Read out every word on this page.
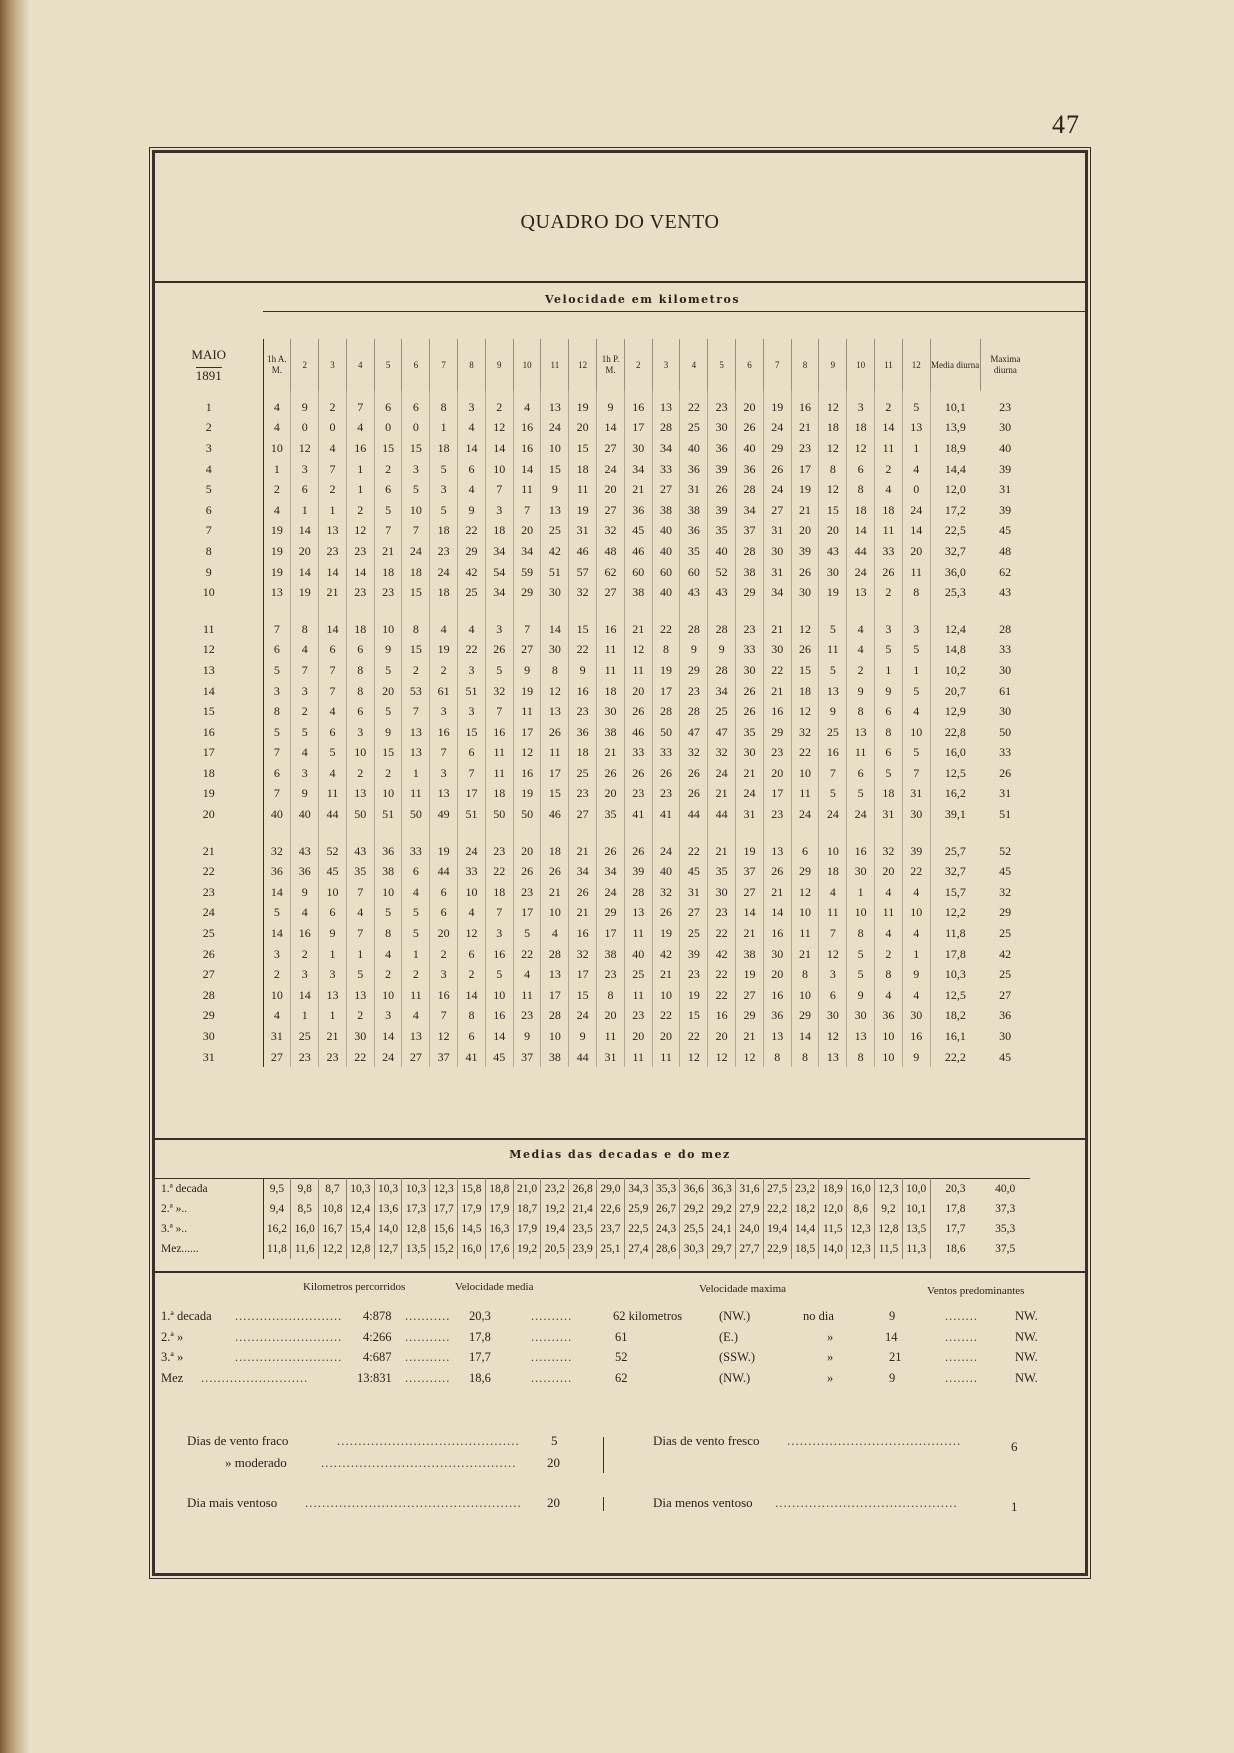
47
QUADRO DO VENTO
Velocidade em kilometros
MAIO
1891	1h A. M.	2	3	4	5	6	7	8	9	10	11	12	1h P. M.	2	3	4	5	6	7	8	9	10	11	12	Media diurna	Maxima diurna
1	4	9	2	7	6	6	8	3	2	4	13	19	9	16	13	22	23	20	19	16	12	3	2	5	10,1	23
2	4	0	0	4	0	0	1	4	12	16	24	20	14	17	28	25	30	26	24	21	18	18	14	13	13,9	30
3	10	12	4	16	15	15	18	14	14	16	10	15	27	30	34	40	36	40	29	23	12	12	11	1	18,9	40
4	1	3	7	1	2	3	5	6	10	14	15	18	24	34	33	36	39	36	26	17	8	6	2	4	14,4	39
5	2	6	2	1	6	5	3	4	7	11	9	11	20	21	27	31	26	28	24	19	12	8	4	0	12,0	31
6	4	1	1	2	5	10	5	9	3	7	13	19	27	36	38	38	39	34	27	21	15	18	18	24	17,2	39
7	19	14	13	12	7	7	18	22	18	20	25	31	32	45	40	36	35	37	31	20	20	14	11	14	22,5	45
8	19	20	23	23	21	24	23	29	34	34	42	46	48	46	40	35	40	28	30	39	43	44	33	20	32,7	48
9	19	14	14	14	18	18	24	42	54	59	51	57	62	60	60	60	52	38	31	26	30	24	26	11	36,0	62
10	13	19	21	23	23	15	18	25	34	29	30	32	27	38	40	43	43	29	34	30	19	13	2	8	25,3	43

11	7	8	14	18	10	8	4	4	3	7	14	15	16	21	22	28	28	23	21	12	5	4	3	3	12,4	28
12	6	4	6	6	9	15	19	22	26	27	30	22	11	12	8	9	9	33	30	26	11	4	5	5	14,8	33
13	5	7	7	8	5	2	2	3	5	9	8	9	11	11	19	29	28	30	22	15	5	2	1	1	10,2	30
14	3	3	7	8	20	53	61	51	32	19	12	16	18	20	17	23	34	26	21	18	13	9	9	5	20,7	61
15	8	2	4	6	5	7	3	3	7	11	13	23	30	26	28	28	25	26	16	12	9	8	6	4	12,9	30
16	5	5	6	3	9	13	16	15	16	17	26	36	38	46	50	47	47	35	29	32	25	13	8	10	22,8	50
17	7	4	5	10	15	13	7	6	11	12	11	18	21	33	33	32	32	30	23	22	16	11	6	5	16,0	33
18	6	3	4	2	2	1	3	7	11	16	17	25	26	26	26	26	24	21	20	10	7	6	5	7	12,5	26
19	7	9	11	13	10	11	13	17	18	19	15	23	20	23	23	26	21	24	17	11	5	5	18	31	16,2	31
20	40	40	44	50	51	50	49	51	50	50	46	27	35	41	41	44	44	31	23	24	24	24	31	30	39,1	51

21	32	43	52	43	36	33	19	24	23	20	18	21	26	26	24	22	21	19	13	6	10	16	32	39	25,7	52
22	36	36	45	35	38	6	44	33	22	26	26	34	34	39	40	45	35	37	26	29	18	30	20	22	32,7	45
23	14	9	10	7	10	4	6	10	18	23	21	26	24	28	32	31	30	27	21	12	4	1	4	4	15,7	32
24	5	4	6	4	5	5	6	4	7	17	10	21	29	13	26	27	23	14	14	10	11	10	11	10	12,2	29
25	14	16	9	7	8	5	20	12	3	5	4	16	17	11	19	25	22	21	16	11	7	8	4	4	11,8	25
26	3	2	1	1	4	1	2	6	16	22	28	32	38	40	42	39	42	38	30	21	12	5	2	1	17,8	42
27	2	3	3	5	2	2	3	2	5	4	13	17	23	25	21	23	22	19	20	8	3	5	8	9	10,3	25
28	10	14	13	13	10	11	16	14	10	11	17	15	8	11	10	19	22	27	16	10	6	9	4	4	12,5	27
29	4	1	1	2	3	4	7	8	16	23	28	24	20	23	22	15	16	29	36	29	30	30	36	30	18,2	36
30	31	25	21	30	14	13	12	6	14	9	10	9	11	20	20	22	20	21	13	14	12	13	10	16	16,1	30
31	27	23	23	22	24	27	37	41	45	37	38	44	31	11	11	12	12	12	8	8	13	8	10	9	22,2	45
Medias das decadas e do mez
1.ª decada	9,5	9,8	8,7	10,3	10,3	10,3	12,3	15,8	18,8	21,0	23,2	26,8	29,0	34,3	35,3	36,6	36,3	31,6	27,5	23,2	18,9	16,0	12,3	10,0	20,3	40,0
2.ª »..	9,4	8,5	10,8	12,4	13,6	17,3	17,7	17,9	17,9	18,7	19,2	21,4	22,6	25,9	26,7	29,2	29,2	27,9	22,2	18,2	12,0	8,6	9,2	10,1	17,8	37,3
3.ª »..	16,2	16,0	16,7	15,4	14,0	12,8	15,6	14,5	16,3	17,9	19,4	23,5	23,7	22,5	24,3	25,5	24,1	24,0	19,4	14,4	11,5	12,3	12,8	13,5	17,7	35,3
Mez......	11,8	11,6	12,2	12,8	12,7	13,5	15,2	16,0	17,6	19,2	20,5	23,9	25,1	27,4	28,6	30,3	29,7	27,7	22,9	18,5	14,0	12,3	11,5	11,3	18,6	37,5
Kilometros percorridos	Velocidade media	Velocidade maxima	Ventos predominantes
1.ª decada	4:878	20,3	62 kilometros	(NW.)	no dia	9	NW.
..........................	...........	..........	........
2.ª »	4:266	17,8	61	(E.)	»	14	NW.
..........................	...........	..........	........
3.ª »	4:687	17,7	52	(SSW.)	»	21	NW.
..........................	...........	..........	........
Mez	13:831	18,6	62	(NW.)	»	9	NW.
..........................	...........	..........	........
Dias de vento fraco	........................................... 5
» moderado	.............................................. 20
Dia mais ventoso ................................................... 20
Dias de vento fresco .........................................	6
Dia menos ventoso ...........................................	1
